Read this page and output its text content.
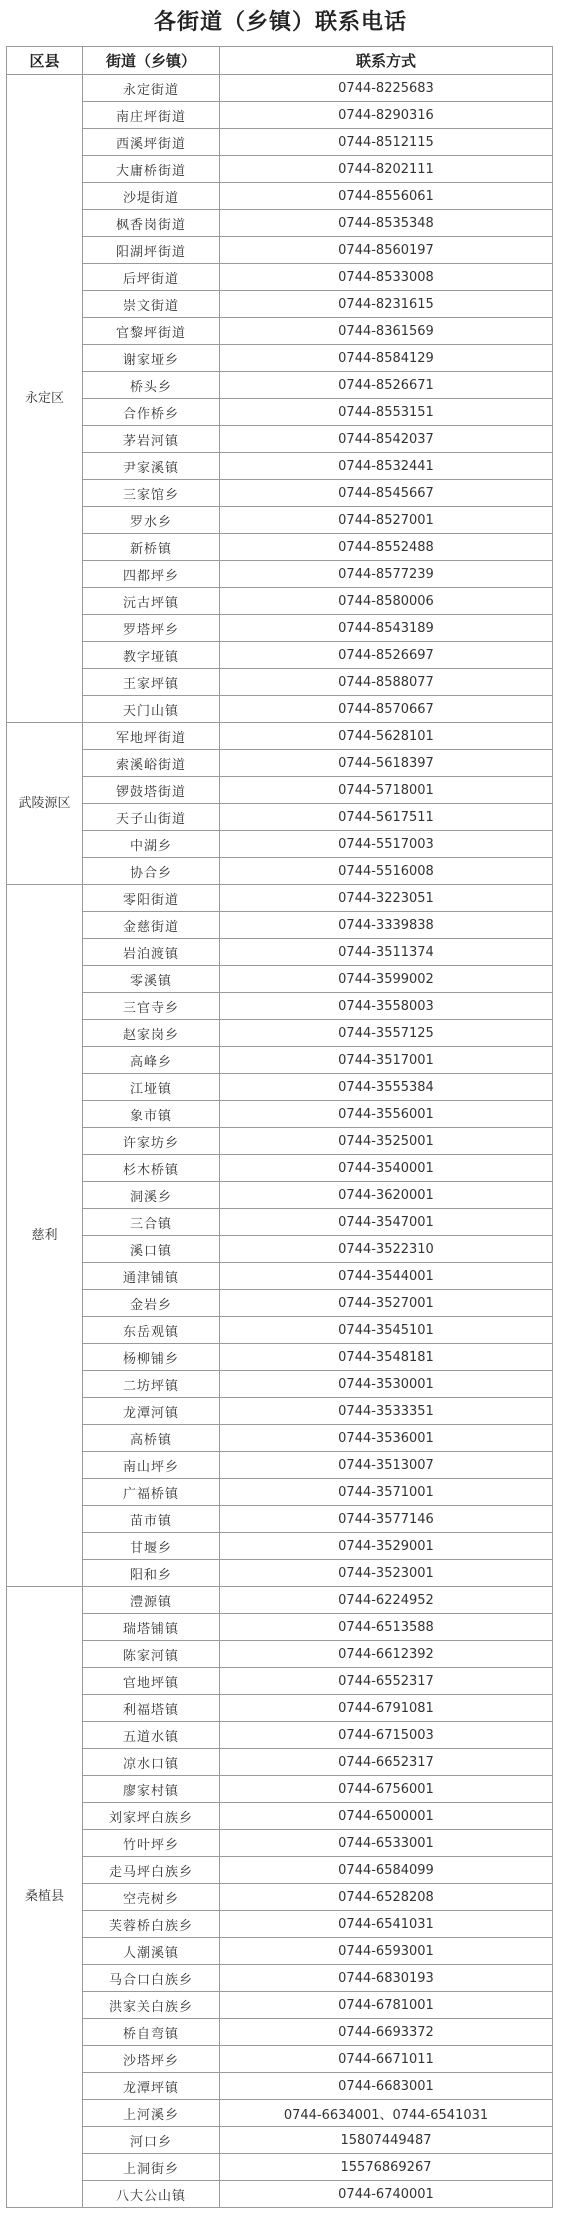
各街道（乡镇）联系电话
区县	街道（乡镇）	联系方式
永定区	永定街道	0744-8225683
	南庄坪街道	0744-8290316
	西溪坪街道	0744-8512115
	大庸桥街道	0744-8202111
	沙堤街道	0744-8556061
	枫香岗街道	0744-8535348
	阳湖坪街道	0744-8560197
	后坪街道	0744-8533008
	崇文街道	0744-8231615
	官黎坪街道	0744-8361569
	谢家垭乡	0744-8584129
	桥头乡	0744-8526671
	合作桥乡	0744-8553151
	茅岩河镇	0744-8542037
	尹家溪镇	0744-8532441
	三家馆乡	0744-8545667
	罗水乡	0744-8527001
	新桥镇	0744-8552488
	四都坪乡	0744-8577239
	沅古坪镇	0744-8580006
	罗塔坪乡	0744-8543189
	教字垭镇	0744-8526697
	王家坪镇	0744-8588077
	天门山镇	0744-8570667
武陵源区	军地坪街道	0744-5628101
	索溪峪街道	0744-5618397
	锣鼓塔街道	0744-5718001
	天子山街道	0744-5617511
	中湖乡	0744-5517003
	协合乡	0744-5516008
慈利	零阳街道	0744-3223051
	金慈街道	0744-3339838
	岩泊渡镇	0744-3511374
	零溪镇	0744-3599002
	三官寺乡	0744-3558003
	赵家岗乡	0744-3557125
	高峰乡	0744-3517001
	江垭镇	0744-3555384
	象市镇	0744-3556001
	许家坊乡	0744-3525001
	杉木桥镇	0744-3540001
	洞溪乡	0744-3620001
	三合镇	0744-3547001
	溪口镇	0744-3522310
	通津铺镇	0744-3544001
	金岩乡	0744-3527001
	东岳观镇	0744-3545101
	杨柳铺乡	0744-3548181
	二坊坪镇	0744-3530001
	龙潭河镇	0744-3533351
	高桥镇	0744-3536001
	南山坪乡	0744-3513007
	广福桥镇	0744-3571001
	苗市镇	0744-3577146
	甘堰乡	0744-3529001
	阳和乡	0744-3523001
桑植县	澧源镇	0744-6224952
	瑞塔铺镇	0744-6513588
	陈家河镇	0744-6612392
	官地坪镇	0744-6552317
	利福塔镇	0744-6791081
	五道水镇	0744-6715003
	凉水口镇	0744-6652317
	廖家村镇	0744-6756001
	刘家坪白族乡	0744-6500001
	竹叶坪乡	0744-6533001
	走马坪白族乡	0744-6584099
	空壳树乡	0744-6528208
	芙蓉桥白族乡	0744-6541031
	人潮溪镇	0744-6593001
	马合口白族乡	0744-6830193
	洪家关白族乡	0744-6781001
	桥自弯镇	0744-6693372
	沙塔坪乡	0744-6671011
	龙潭坪镇	0744-6683001
	上河溪乡	0744-6634001、0744-6541031
	河口乡	15807449487
	上洞街乡	15576869267
	八大公山镇	0744-6740001
